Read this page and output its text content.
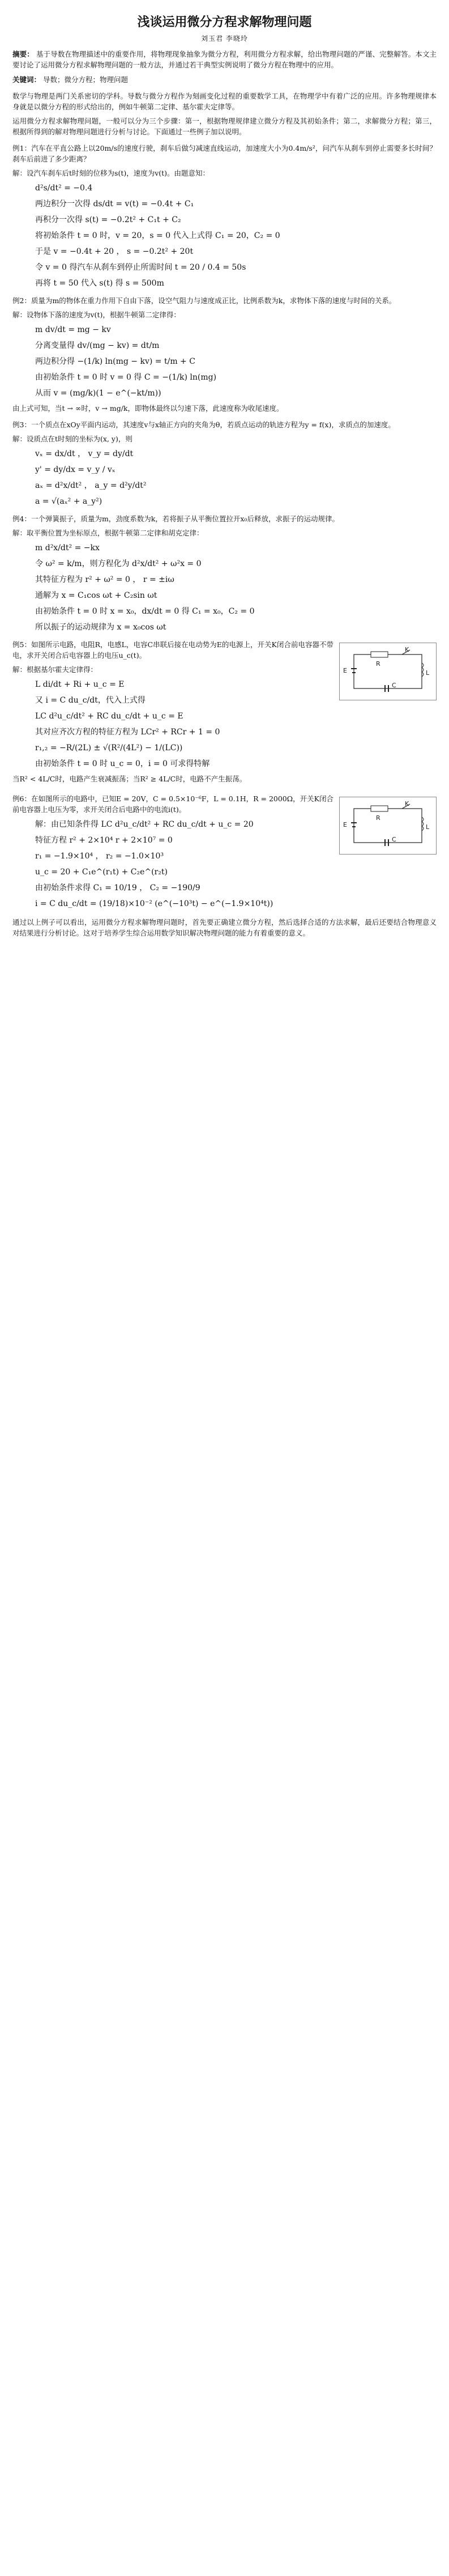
浅谈运用微分方程求解物理问题
刘玉君 李晓玲
摘要： 基于导数在物理描述中的重要作用，将物理现象抽象为微分方程，利用微分方程求解，给出物理问题的严谨、完整解答。本文主要讨论了运用微分方程求解物理问题的一般方法，并通过若干典型实例说明了微分方程在物理中的应用。
关键词： 导数；微分方程；物理问题
数学与物理是两门关系密切的学科。导数与微分方程作为刻画变化过程的重要数学工具，在物理学中有着广泛的应用。许多物理规律本身就是以微分方程的形式给出的，例如牛顿第二定律、基尔霍夫定律等。
运用微分方程求解物理问题，一般可以分为三个步骤：第一，根据物理规律建立微分方程及其初始条件；第二，求解微分方程；第三，根据所得到的解对物理问题进行分析与讨论。下面通过一些例子加以说明。
例1：汽车在平直公路上以20m/s的速度行驶，刹车后做匀减速直线运动，加速度大小为0.4m/s²，问汽车从刹车到停止需要多长时间？刹车后前进了多少距离？
解：设汽车刹车后t时刻的位移为s(t)，速度为v(t)。由题意知：
d²s/dt² = −0.4
两边积分一次得 ds/dt = v(t) = −0.4t + C₁
再积分一次得 s(t) = −0.2t² + C₁t + C₂
将初始条件 t = 0 时，v = 20，s = 0 代入上式得 C₁ = 20，C₂ = 0
于是 v = −0.4t + 20 ， s = −0.2t² + 20t
令 v = 0 得汽车从刹车到停止所需时间 t = 20 / 0.4 = 50s
再将 t = 50 代入 s(t) 得 s = 500m
例2：质量为m的物体在重力作用下自由下落，设空气阻力与速度成正比，比例系数为k，求物体下落的速度与时间的关系。
解：设物体下落的速度为v(t)，根据牛顿第二定律得：
m dv/dt = mg − kv
分离变量得 dv/(mg − kv) = dt/m
两边积分得 −(1/k) ln(mg − kv) = t/m + C
由初始条件 t = 0 时 v = 0 得 C = −(1/k) ln(mg)
从而 v = (mg/k)(1 − e^(−kt/m))
由上式可知，当t → ∞时，v → mg/k，即物体最终以匀速下落，此速度称为收尾速度。
例3：一个质点在xOy平面内运动，其速度v与x轴正方向的夹角为θ，若质点运动的轨迹方程为y = f(x)，求质点的加速度。
解：设质点在t时刻的坐标为(x, y)，则
vₓ = dx/dt ， v_y = dy/dt
y' = dy/dx = v_y / vₓ
aₓ = d²x/dt² ， a_y = d²y/dt²
a = √(aₓ² + a_y²)
例4：一个弹簧振子，质量为m，劲度系数为k，若将振子从平衡位置拉开x₀后释放，求振子的运动规律。
解：取平衡位置为坐标原点，根据牛顿第二定律和胡克定律：
m d²x/dt² = −kx
令 ω² = k/m，则方程化为 d²x/dt² + ω²x = 0
其特征方程为 r² + ω² = 0 ， r = ±iω
通解为 x = C₁cos ωt + C₂sin ωt
由初始条件 t = 0 时 x = x₀，dx/dt = 0 得 C₁ = x₀，C₂ = 0
所以振子的运动规律为 x = x₀cos ωt
K
E
R
L
C
例5：如图所示电路，电阻R，电感L，电容C串联后接在电动势为E的电源上，开关K闭合前电容器不带电，求开关闭合后电容器上的电压u_c(t)。
解：根据基尔霍夫定律得：
L di/dt + Ri + u_c = E
又 i = C du_c/dt，代入上式得
LC d²u_c/dt² + RC du_c/dt + u_c = E
其对应齐次方程的特征方程为 LCr² + RCr + 1 = 0
r₁,₂ = −R/(2L) ± √(R²/(4L²) − 1/(LC))
由初始条件 t = 0 时 u_c = 0，i = 0 可求得特解
当R² < 4L/C时，电路产生衰减振荡；当R² ≥ 4L/C时，电路不产生振荡。
K
E
R
L
C
例6：在如图所示的电路中，已知E = 20V，C = 0.5×10⁻⁶F，L = 0.1H，R = 2000Ω，开关K闭合前电容器上电压为零，求开关闭合后电路中的电流i(t)。
解：由已知条件得 LC d²u_c/dt² + RC du_c/dt + u_c = 20
特征方程 r² + 2×10⁴ r + 2×10⁷ = 0
r₁ = −1.9×10⁴ ， r₂ = −1.0×10³
u_c = 20 + C₁e^(r₁t) + C₂e^(r₂t)
由初始条件求得 C₁ = 10/19 ， C₂ = −190/9
i = C du_c/dt = (19/18)×10⁻² (e^(−10³t) − e^(−1.9×10⁴t))
通过以上例子可以看出，运用微分方程求解物理问题时，首先要正确建立微分方程，然后选择合适的方法求解，最后还要结合物理意义对结果进行分析讨论。这对于培养学生综合运用数学知识解决物理问题的能力有着重要的意义。
